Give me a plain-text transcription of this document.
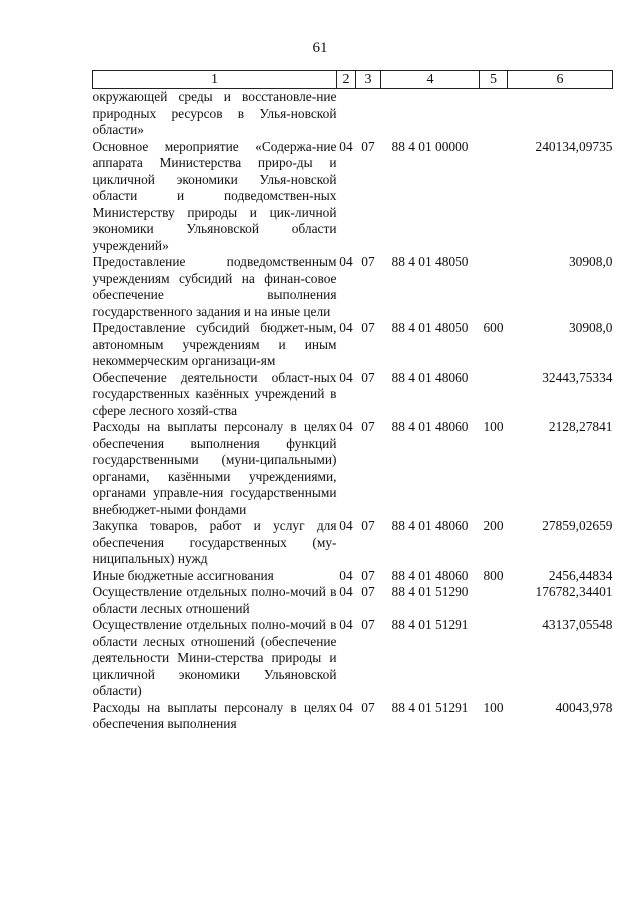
61
1	2	3	4	5	6
окружающей среды и восстановле-ние природных ресурсов в Улья-новской области»					
Основное мероприятие «Содержа-ние аппарата Министерства приро-ды и цикличной экономики Улья-новской области и подведомствен-ных Министерству природы и цик-личной экономики Ульяновской области учреждений»	04	07	88 4 01 00000		240134,09735
Предоставление подведомственным учреждениям субсидий на финан-совое обеспечение выполнения государственного задания и на иные цели	04	07	88 4 01 48050		30908,0
Предоставление субсидий бюджет-ным, автономным учреждениям и иным некоммерческим организаци-ям	04	07	88 4 01 48050	600	30908,0
Обеспечение деятельности област-ных государственных казённых учреждений в сфере лесного хозяй-ства	04	07	88 4 01 48060		32443,75334
Расходы на выплаты персоналу в целях обеспечения выполнения функций государственными (муни-ципальными) органами, казёнными учреждениями, органами управле-ния государственными внебюджет-ными фондами	04	07	88 4 01 48060	100	2128,27841
Закупка товаров, работ и услуг для обеспечения государственных (му-ниципальных) нужд	04	07	88 4 01 48060	200	27859,02659
Иные бюджетные ассигнования	04	07	88 4 01 48060	800	2456,44834
Осуществление отдельных полно-мочий в области лесных отношений	04	07	88 4 01 51290		176782,34401
Осуществление отдельных полно-мочий в области лесных отношений (обеспечение деятельности Мини-стерства природы и цикличной экономики Ульяновской области)	04	07	88 4 01 51291		43137,05548
Расходы на выплаты персоналу в целях обеспечения выполнения	04	07	88 4 01 51291	100	40043,978
